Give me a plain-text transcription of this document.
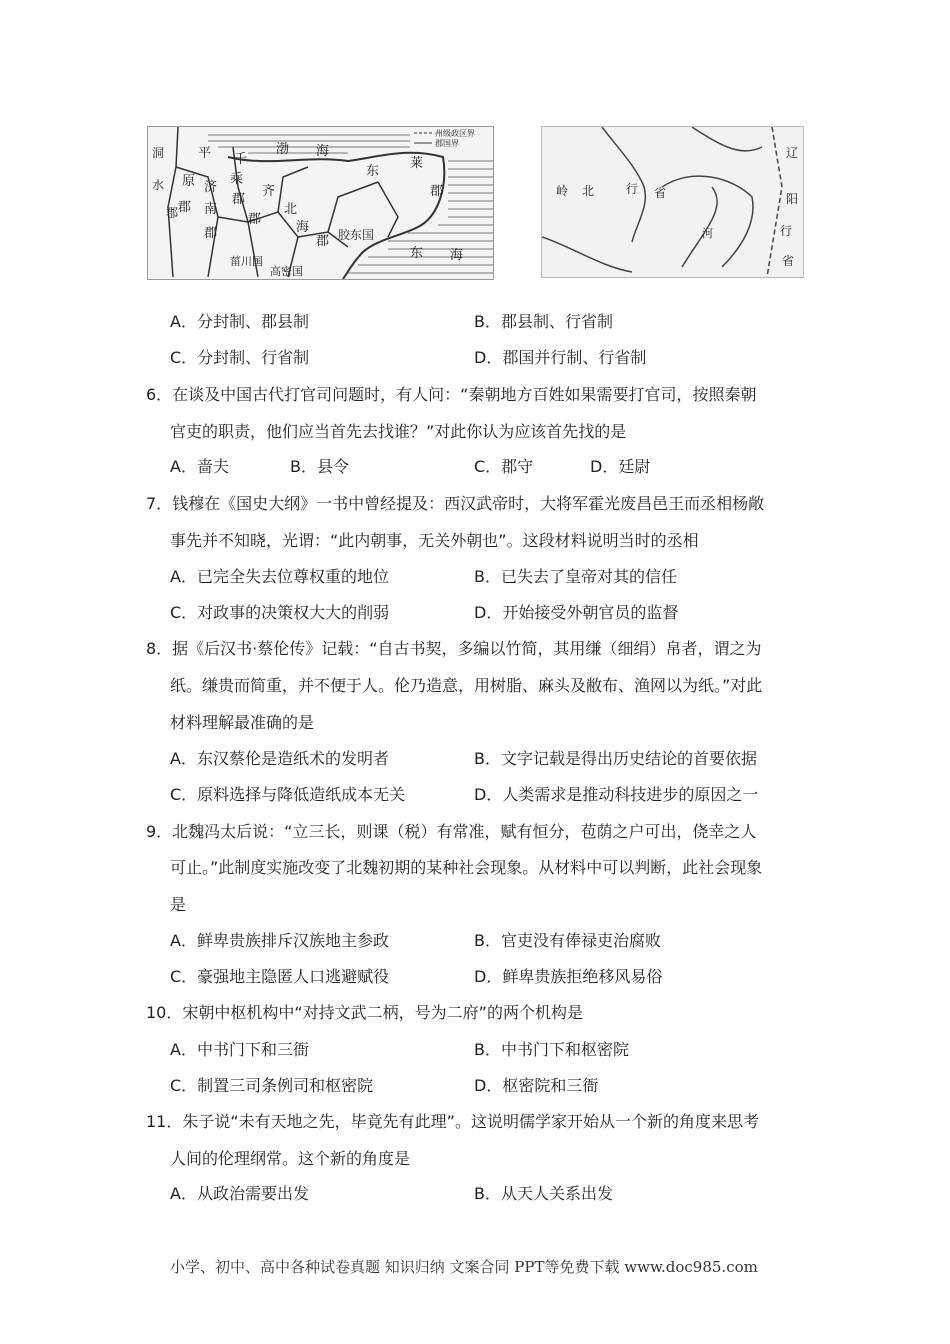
州级政区界
郡国界
洞
水
郡
平
原
郡
济
南
郡
千
乘
郡
齐
郡
北
海
郡 胶东国
菑川国
高密国
渤 海
东
莱
郡
东 海
岭 北	行 省
辽
阳
行
省
河
A．分封制、郡县制	B．郡县制、行省制
C．分封制、行省制	D．郡国并行制、行省制
6．在谈及中国古代打官司问题时，有人问：“秦朝地方百姓如果需要打官司，按照秦朝
官吏的职责，他们应当首先去找谁？”对此你认为应该首先找的是
A．啬夫	B．县令	C．郡守	D．廷尉
7．钱穆在《国史大纲》一书中曾经提及：西汉武帝时，大将军霍光废昌邑王而丞相杨敞
事先并不知晓，光谓：“此内朝事，无关外朝也”。这段材料说明当时的丞相
A．已完全失去位尊权重的地位	B．已失去了皇帝对其的信任
C．对政事的决策权大大的削弱	D．开始接受外朝官员的监督
8．据《后汉书·蔡伦传》记载：“自古书契，多编以竹简，其用缣（细绢）帛者，谓之为
纸。缣贵而简重，并不便于人。伦乃造意，用树脂、麻头及敝布、渔网以为纸。”对此
材料理解最准确的是
A．东汉蔡伦是造纸术的发明者	B．文字记载是得出历史结论的首要依据
C．原料选择与降低造纸成本无关	D．人类需求是推动科技进步的原因之一
9．北魏冯太后说：“立三长，则课（税）有常准，赋有恒分，苞荫之户可出，侥幸之人
可止。”此制度实施改变了北魏初期的某种社会现象。从材料中可以判断，此社会现象
是
A．鲜卑贵族排斥汉族地主参政	B．官吏没有俸禄吏治腐败
C．豪强地主隐匿人口逃避赋役	D．鲜卑贵族拒绝移风易俗
10．宋朝中枢机构中“对持文武二柄，号为二府”的两个机构是
A．中书门下和三衙	B．中书门下和枢密院
C．制置三司条例司和枢密院	D．枢密院和三衙
11．朱子说“未有天地之先，毕竟先有此理”。这说明儒学家开始从一个新的角度来思考
人间的伦理纲常。这个新的角度是
A．从政治需要出发	B．从天人关系出发
小学、初中、高中各种试卷真题 知识归纳 文案合同 PPT等免费下载 www.doc985.com
